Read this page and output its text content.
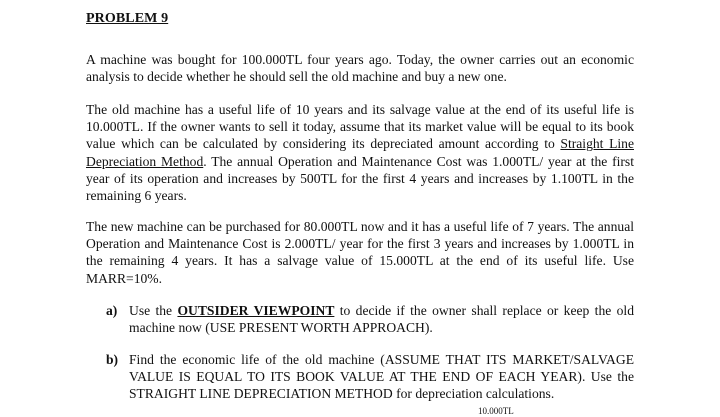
PROBLEM 9

A machine was bought for 100.000TL four years ago. Today, the owner carries out an economic analysis to decide whether he should sell the old machine and buy a new one.

The old machine has a useful life of 10 years and its salvage value at the end of its useful life is 10.000TL. If the owner wants to sell it today, assume that its market value will be equal to its book value which can be calculated by considering its depreciated amount according to Straight Line Depreciation Method. The annual Operation and Maintenance Cost was 1.000TL/ year at the first year of its operation and increases by 500TL for the first 4 years and increases by 1.100TL in the remaining 6 years.

The new machine can be purchased for 80.000TL now and it has a useful life of 7 years. The annual Operation and Maintenance Cost is 2.000TL/ year for the first 3 years and increases by 1.000TL in the remaining 4 years. It has a salvage value of 15.000TL at the end of its useful life. Use MARR=10%.

a) Use the OUTSIDER VIEWPOINT to decide if the owner shall replace or keep the old machine now (USE PRESENT WORTH APPROACH).
b) Find the economic life of the old machine (ASSUME THAT ITS MARKET/SALVAGE VALUE IS EQUAL TO ITS BOOK VALUE AT THE END OF EACH YEAR). Use the STRAIGHT LINE DEPRECIATION METHOD for depreciation calculations.
10.000TL
